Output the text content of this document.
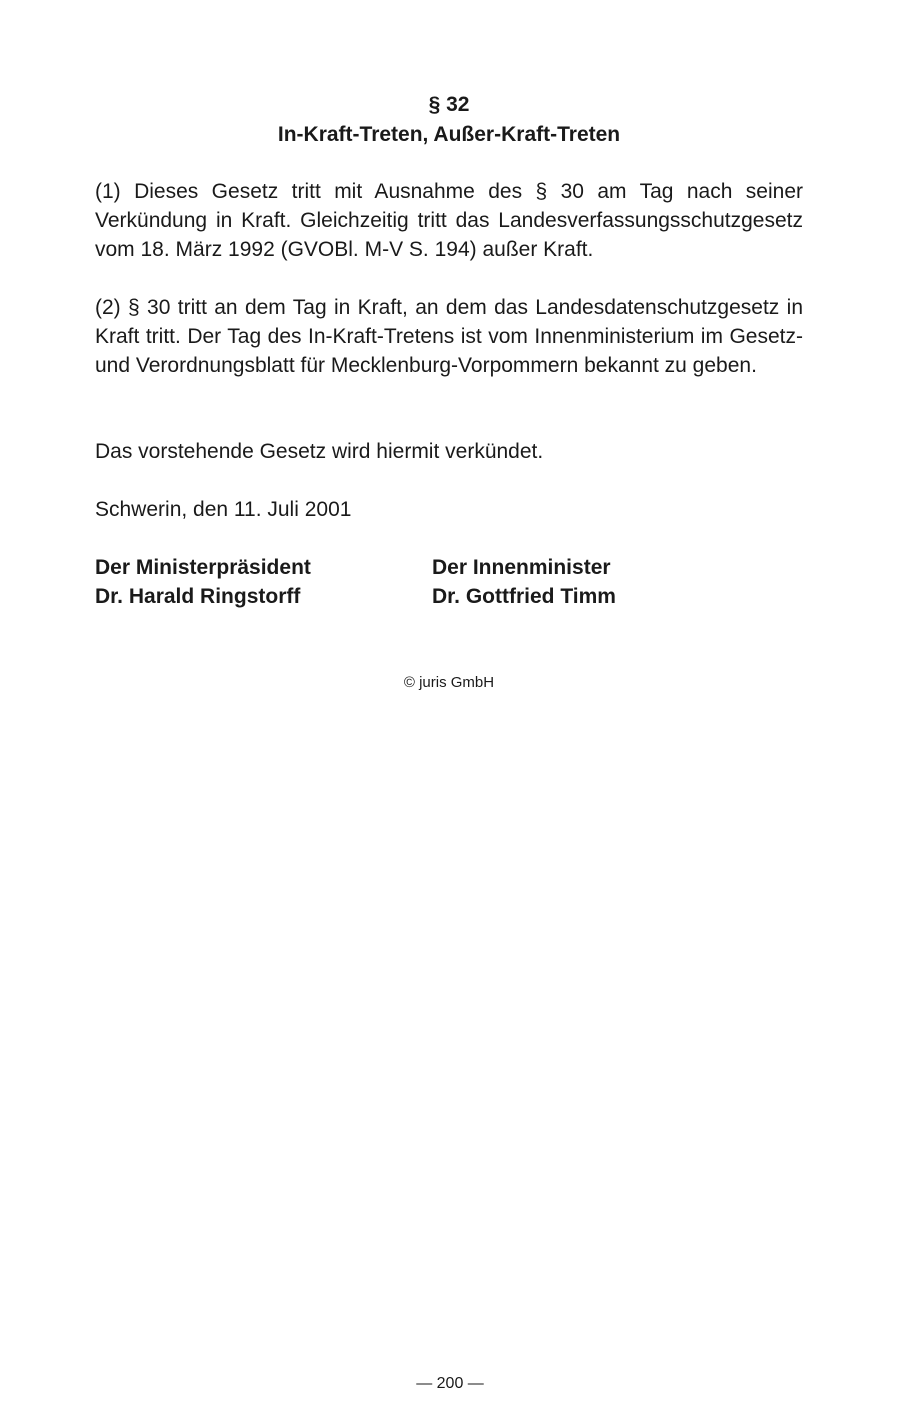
§ 32

In-Kraft-Treten, Außer-Kraft-Treten

(1) Dieses Gesetz tritt mit Ausnahme des § 30 am Tag nach seiner Verkündung in Kraft. Gleichzeitig tritt das Landesverfassungsschutzgesetz vom 18. März 1992 (GVOBl. M-V S. 194) außer Kraft.

(2) § 30 tritt an dem Tag in Kraft, an dem das Landesdatenschutzgesetz in Kraft tritt. Der Tag des In-Kraft-Tretens ist vom Innenministerium im Gesetz- und Verordnungsblatt für Mecklenburg-Vorpommern bekannt zu geben.

Das vorstehende Gesetz wird hiermit verkündet.

Schwerin, den 11. Juli 2001

Der Ministerpräsident
Dr. Harald Ringstorff
Der Innenminister
Dr. Gottfried Timm
© juris GmbH
— 200 —
